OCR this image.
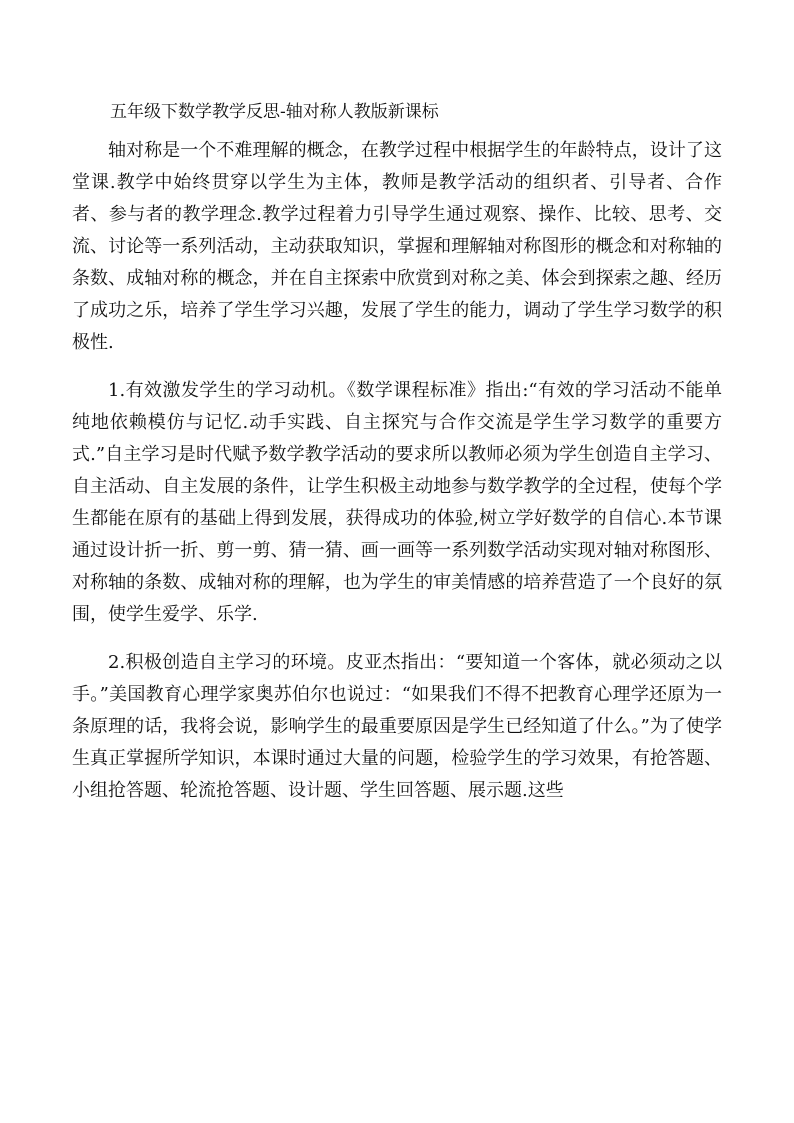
五年级下数学教学反思-轴对称人教版新课标

轴对称是一个不难理解的概念，在教学过程中根据学生的年龄特点，设计了这堂课.教学中始终贯穿以学生为主体，教师是教学活动的组织者、引导者、合作者、参与者的教学理念.教学过程着力引导学生通过观察、操作、比较、思考、交流、讨论等一系列活动，主动获取知识，掌握和理解轴对称图形的概念和对称轴的条数、成轴对称的概念，并在自主探索中欣赏到对称之美、体会到探索之趣、经历了成功之乐，培养了学生学习兴趣，发展了学生的能力，调动了学生学习数学的积极性.

1.有效激发学生的学习动机。《数学课程标准》指出:“有效的学习活动不能单纯地依赖模仿与记忆.动手实践、自主探究与合作交流是学生学习数学的重要方式.”自主学习是时代赋予数学教学活动的要求所以教师必须为学生创造自主学习、自主活动、自主发展的条件，让学生积极主动地参与数学教学的全过程，使每个学生都能在原有的基础上得到发展，获得成功的体验,树立学好数学的自信心.本节课通过设计折一折、剪一剪、猜一猜、画一画等一系列数学活动实现对轴对称图形、对称轴的条数、成轴对称的理解，也为学生的审美情感的培养营造了一个良好的氛围，使学生爱学、乐学.

2.积极创造自主学习的环境。皮亚杰指出：“要知道一个客体，就必须动之以手。”美国教育心理学家奥苏伯尔也说过：“如果我们不得不把教育心理学还原为一条原理的话，我将会说，影响学生的最重要原因是学生已经知道了什么。”为了使学生真正掌握所学知识，本课时通过大量的问题，检验学生的学习效果，有抢答题、小组抢答题、轮流抢答题、设计题、学生回答题、展示题.这些
